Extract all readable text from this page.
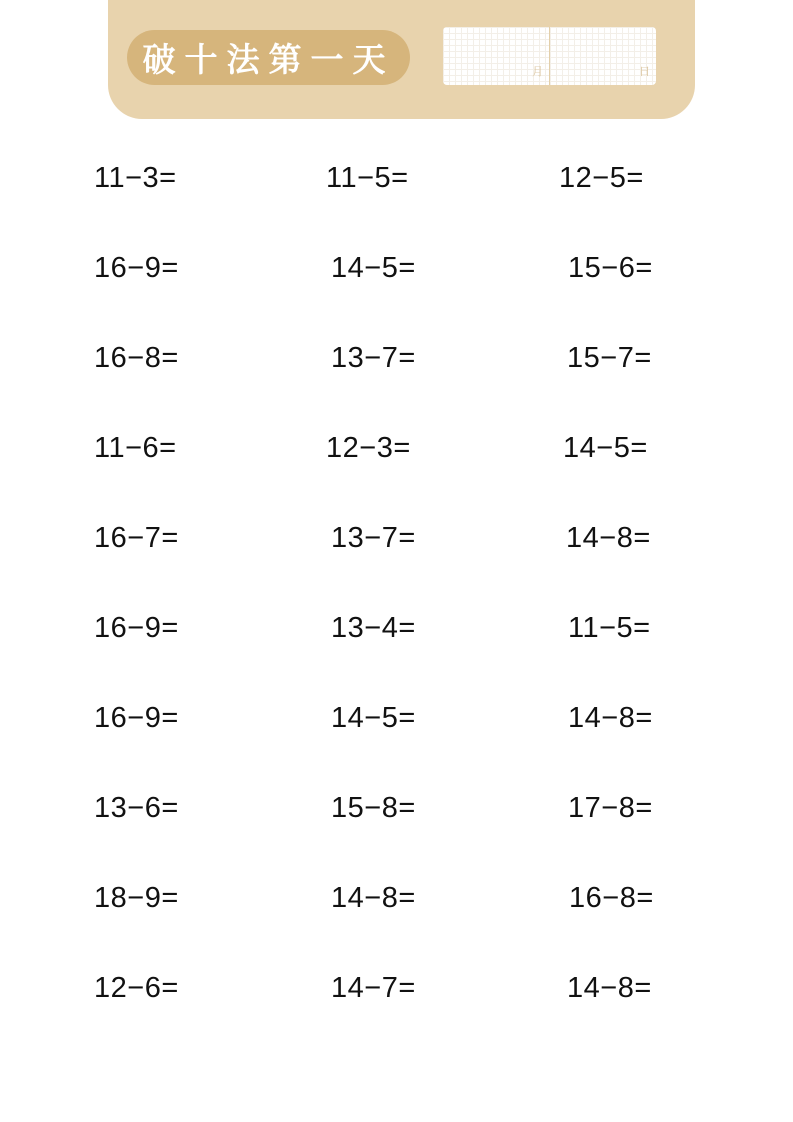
破十法第一天	月	日
11−3=	11−5=	12−5=
16−9=	14−5=	15−6=
16−8=	13−7=	15−7=
11−6=	12−3=	14−5=
16−7=	13−7=	14−8=
16−9=	13−4=	11−5=
16−9=	14−5=	14−8=
13−6=	15−8=	17−8=
18−9=	14−8=	16−8=
12−6=	14−7=	14−8=
